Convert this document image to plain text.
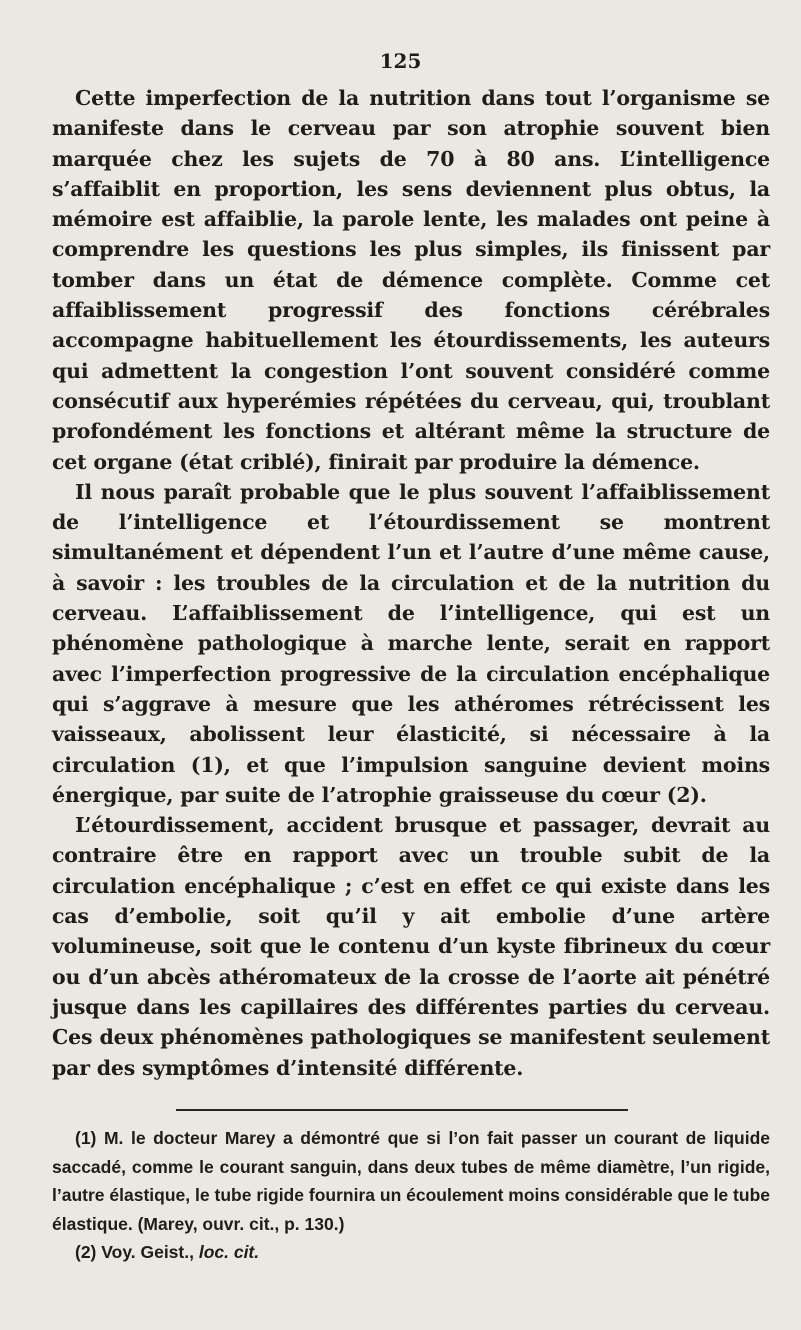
125

Cette imperfection de la nutrition dans tout l’organisme se manifeste dans le cerveau par son atrophie souvent bien marquée chez les sujets de 70 à 80 ans. L’intelligence s’affaiblit en proportion, les sens deviennent plus obtus, la mémoire est affaiblie, la parole lente, les malades ont peine à comprendre les questions les plus simples, ils finissent par tomber dans un état de démence complète. Comme cet affaiblissement progressif des fonctions cérébrales accompagne habituellement les étourdissements, les auteurs qui admettent la congestion l’ont souvent considéré comme consécutif aux hyperémies répétées du cerveau, qui, troublant profondément les fonctions et altérant même la structure de cet organe (état criblé), finirait par produire la démence.

Il nous paraît probable que le plus souvent l’affaiblissement de l’intelligence et l’étourdissement se montrent simultanément et dépendent l’un et l’autre d’une même cause, à savoir : les troubles de la circulation et de la nutrition du cerveau. L’affaiblissement de l’intelligence, qui est un phénomène pathologique à marche lente, serait en rapport avec l’imperfection progressive de la circulation encéphalique qui s’aggrave à mesure que les athéromes rétrécissent les vaisseaux, abolissent leur élasticité, si nécessaire à la circulation (1), et que l’impulsion sanguine devient moins énergique, par suite de l’atrophie graisseuse du cœur (2).

L’étourdissement, accident brusque et passager, devrait au contraire être en rapport avec un trouble subit de la circulation encéphalique ; c’est en effet ce qui existe dans les cas d’embolie, soit qu’il y ait embolie d’une artère volumineuse, soit que le contenu d’un kyste fibrineux du cœur ou d’un abcès athéromateux de la crosse de l’aorte ait pénétré jusque dans les capillaires des différentes parties du cerveau. Ces deux phénomènes pathologiques se manifestent seulement par des symptômes d’intensité différente.

(1) M. le docteur Marey a démontré que si l’on fait passer un courant de liquide saccadé, comme le courant sanguin, dans deux tubes de même diamètre, l’un rigide, l’autre élastique, le tube rigide fournira un écoulement moins considérable que le tube élastique. (Marey, ouvr. cit., p. 130.)

(2) Voy. Geist., loc. cit.
